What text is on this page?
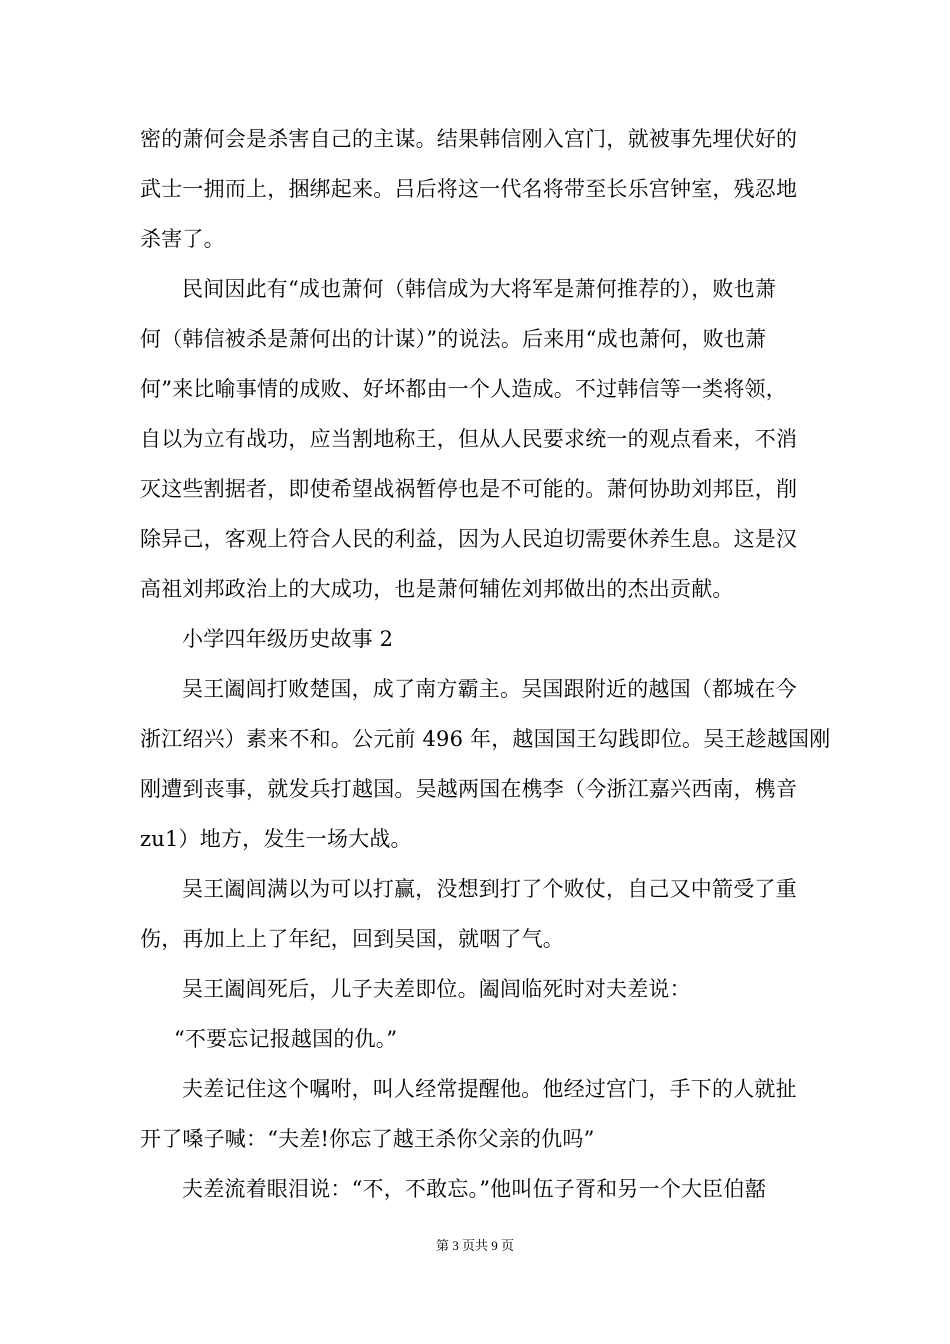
密的萧何会是杀害自己的主谋。结果韩信刚入宫门，就被事先埋伏好的
武士一拥而上，捆绑起来。吕后将这一代名将带至长乐宫钟室，残忍地
杀害了。
民间因此有“成也萧何（韩信成为大将军是萧何推荐的），败也萧
何（韩信被杀是萧何出的计谋）”的说法。后来用“成也萧何，败也萧
何”来比喻事情的成败、好坏都由一个人造成。不过韩信等一类将领，
自以为立有战功，应当割地称王，但从人民要求统一的观点看来，不消
灭这些割据者，即使希望战祸暂停也是不可能的。萧何协助刘邦臣，削
除异己，客观上符合人民的利益，因为人民迫切需要休养生息。这是汉
高祖刘邦政治上的大成功，也是萧何辅佐刘邦做出的杰出贡献。
小学四年级历史故事 2
吴王阖闾打败楚国，成了南方霸主。吴国跟附近的越国（都城在今
浙江绍兴）素来不和。公元前 496 年，越国国王勾践即位。吴王趁越国刚
刚遭到丧事，就发兵打越国。吴越两国在槜李（今浙江嘉兴西南，槜音
zu1）地方，发生一场大战。
吴王阖闾满以为可以打赢，没想到打了个败仗，自己又中箭受了重
伤，再加上上了年纪，回到吴国，就咽了气。
吴王阖闾死后，儿子夫差即位。阖闾临死时对夫差说：
“不要忘记报越国的仇。”
夫差记住这个嘱咐，叫人经常提醒他。他经过宫门，手下的人就扯
开了嗓子喊：“夫差!你忘了越王杀你父亲的仇吗”
夫差流着眼泪说：“不，不敢忘。”他叫伍子胥和另一个大臣伯嚭
第 3 页共 9 页
